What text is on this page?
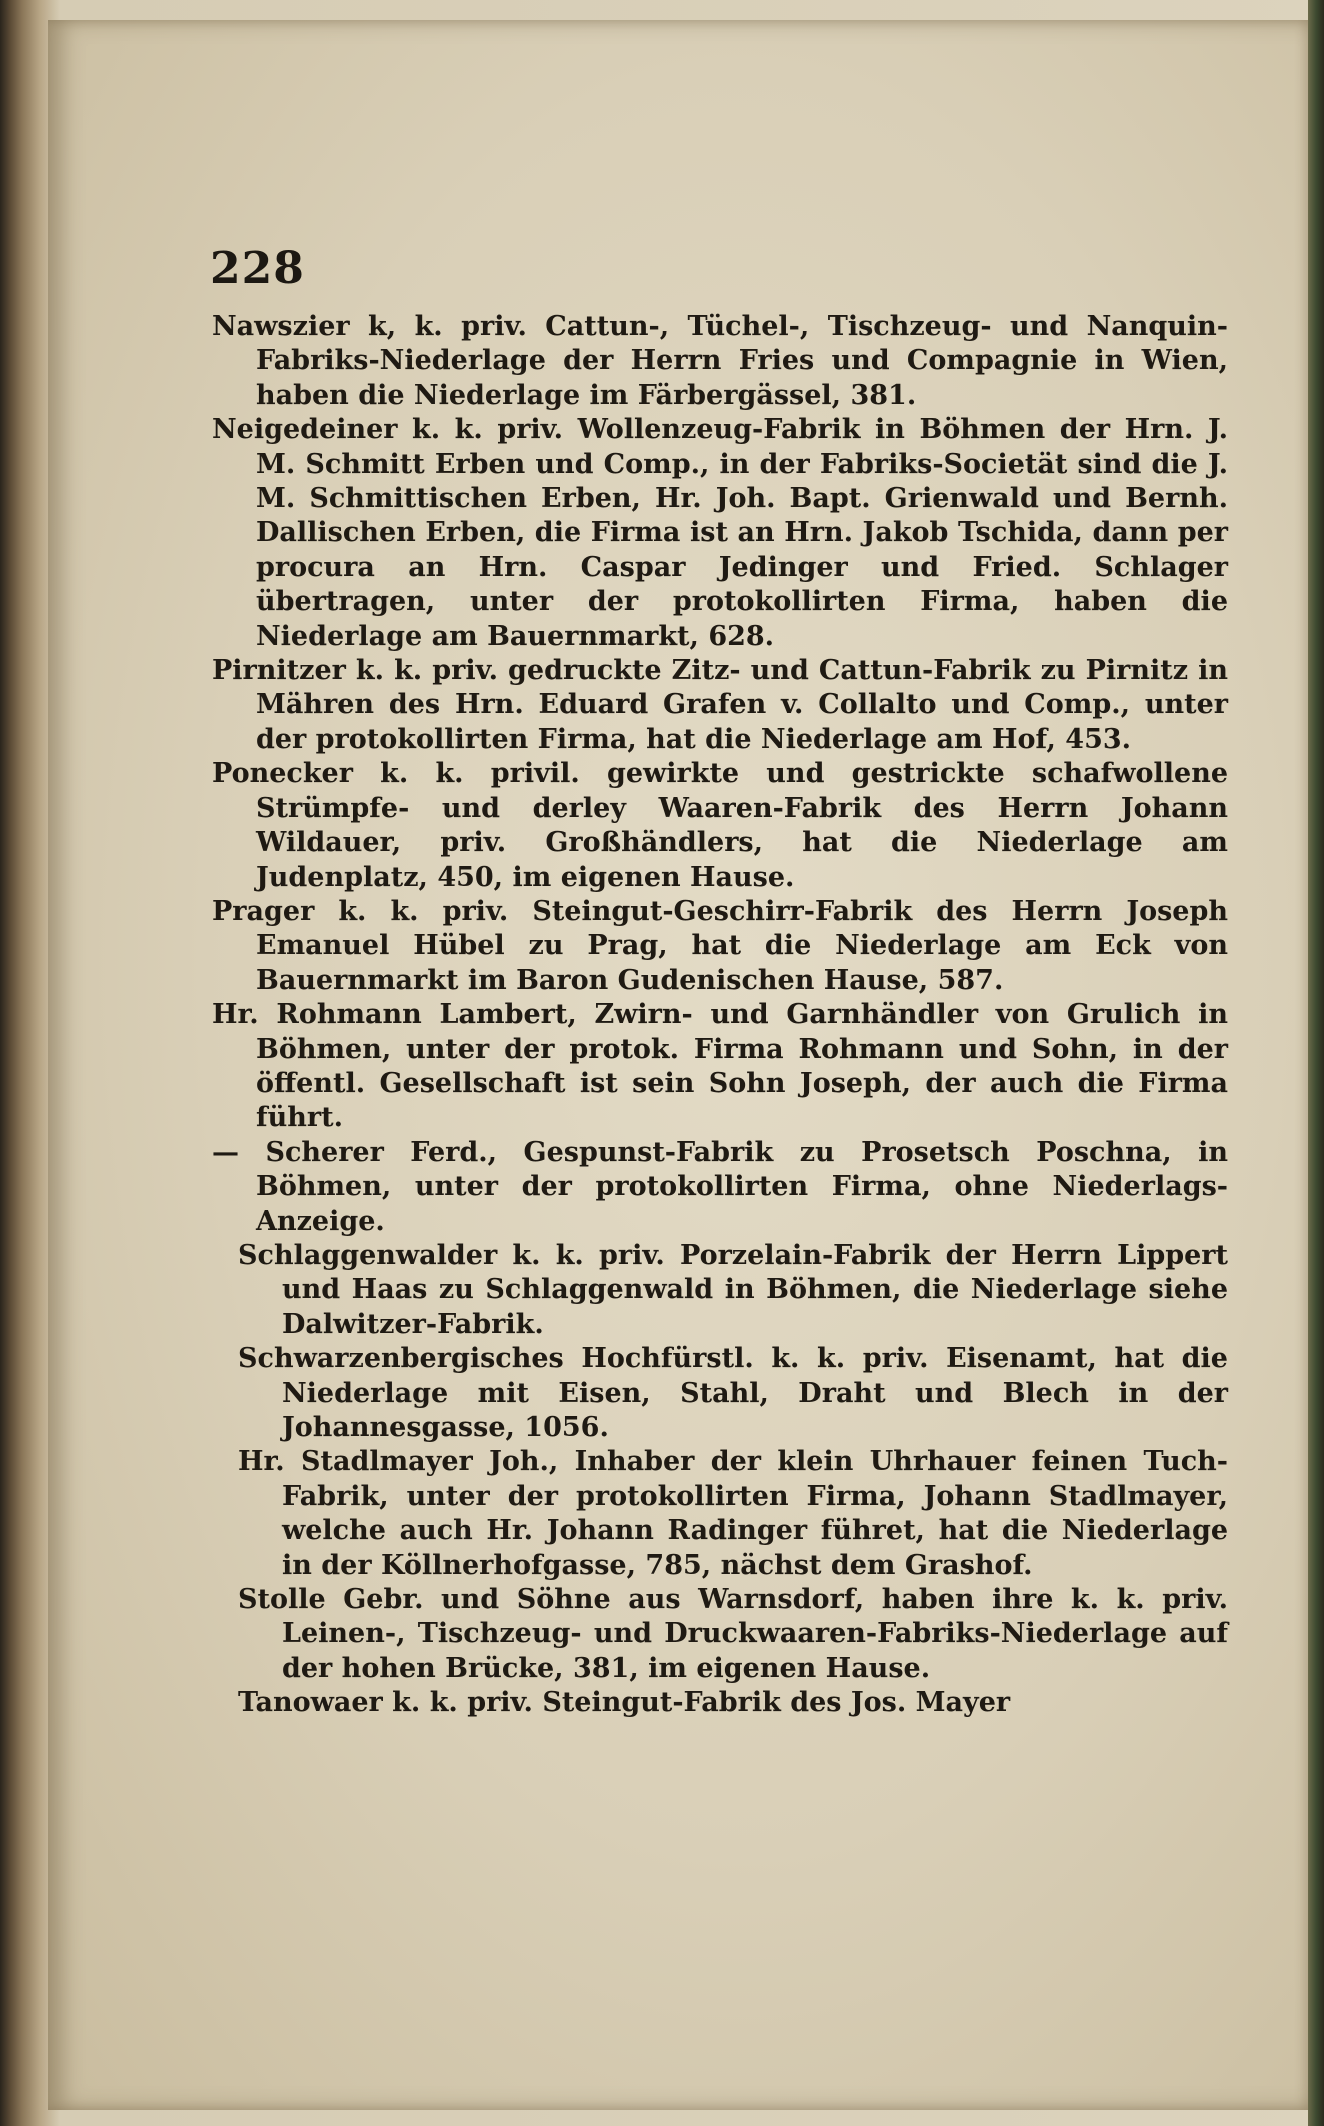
228

Nawszier k, k. priv. Cattun-, Tüchel-, Tischzeug- und Nanquin-Fabriks-Niederlage der Herrn Fries und Compagnie in Wien, haben die Niederlage im Färbergässel, 381.

Neigedeiner k. k. priv. Wollenzeug-Fabrik in Böhmen der Hrn. J. M. Schmitt Erben und Comp., in der Fabriks-Societät sind die J. M. Schmittischen Erben, Hr. Joh. Bapt. Grienwald und Bernh. Dallischen Erben, die Firma ist an Hrn. Jakob Tschida, dann per procura an Hrn. Caspar Jedinger und Fried. Schlager übertragen, unter der protokollirten Firma, haben die Niederlage am Bauernmarkt, 628.

Pirnitzer k. k. priv. gedruckte Zitz- und Cattun-Fabrik zu Pirnitz in Mähren des Hrn. Eduard Grafen v. Collalto und Comp., unter der protokollirten Firma, hat die Niederlage am Hof, 453.

Ponecker k. k. privil. gewirkte und gestrickte schafwollene Strümpfe- und derley Waaren-Fabrik des Herrn Johann Wildauer, priv. Großhändlers, hat die Niederlage am Judenplatz, 450, im eigenen Hause.

Prager k. k. priv. Steingut-Geschirr-Fabrik des Herrn Joseph Emanuel Hübel zu Prag, hat die Niederlage am Eck von Bauernmarkt im Baron Gudenischen Hause, 587.

Hr. Rohmann Lambert, Zwirn- und Garnhändler von Grulich in Böhmen, unter der protok. Firma Rohmann und Sohn, in der öffentl. Gesellschaft ist sein Sohn Joseph, der auch die Firma führt.

— Scherer Ferd., Gespunst-Fabrik zu Prosetsch Poschna, in Böhmen, unter der protokollirten Firma, ohne Niederlags-Anzeige.

Schlaggenwalder k. k. priv. Porzelain-Fabrik der Herrn Lippert und Haas zu Schlaggenwald in Böhmen, die Niederlage siehe Dalwitzer-Fabrik.

Schwarzenbergisches Hochfürstl. k. k. priv. Eisenamt, hat die Niederlage mit Eisen, Stahl, Draht und Blech in der Johannesgasse, 1056.

Hr. Stadlmayer Joh., Inhaber der klein Uhrhauer feinen Tuch-Fabrik, unter der protokollirten Firma, Johann Stadlmayer, welche auch Hr. Johann Radinger führet, hat die Niederlage in der Köllnerhofgasse, 785, nächst dem Grashof.

Stolle Gebr. und Söhne aus Warnsdorf, haben ihre k. k. priv. Leinen-, Tischzeug- und Druckwaaren-Fabriks-Niederlage auf der hohen Brücke, 381, im eigenen Hause.

Tanowaer k. k. priv. Steingut-Fabrik des Jos. Mayer
